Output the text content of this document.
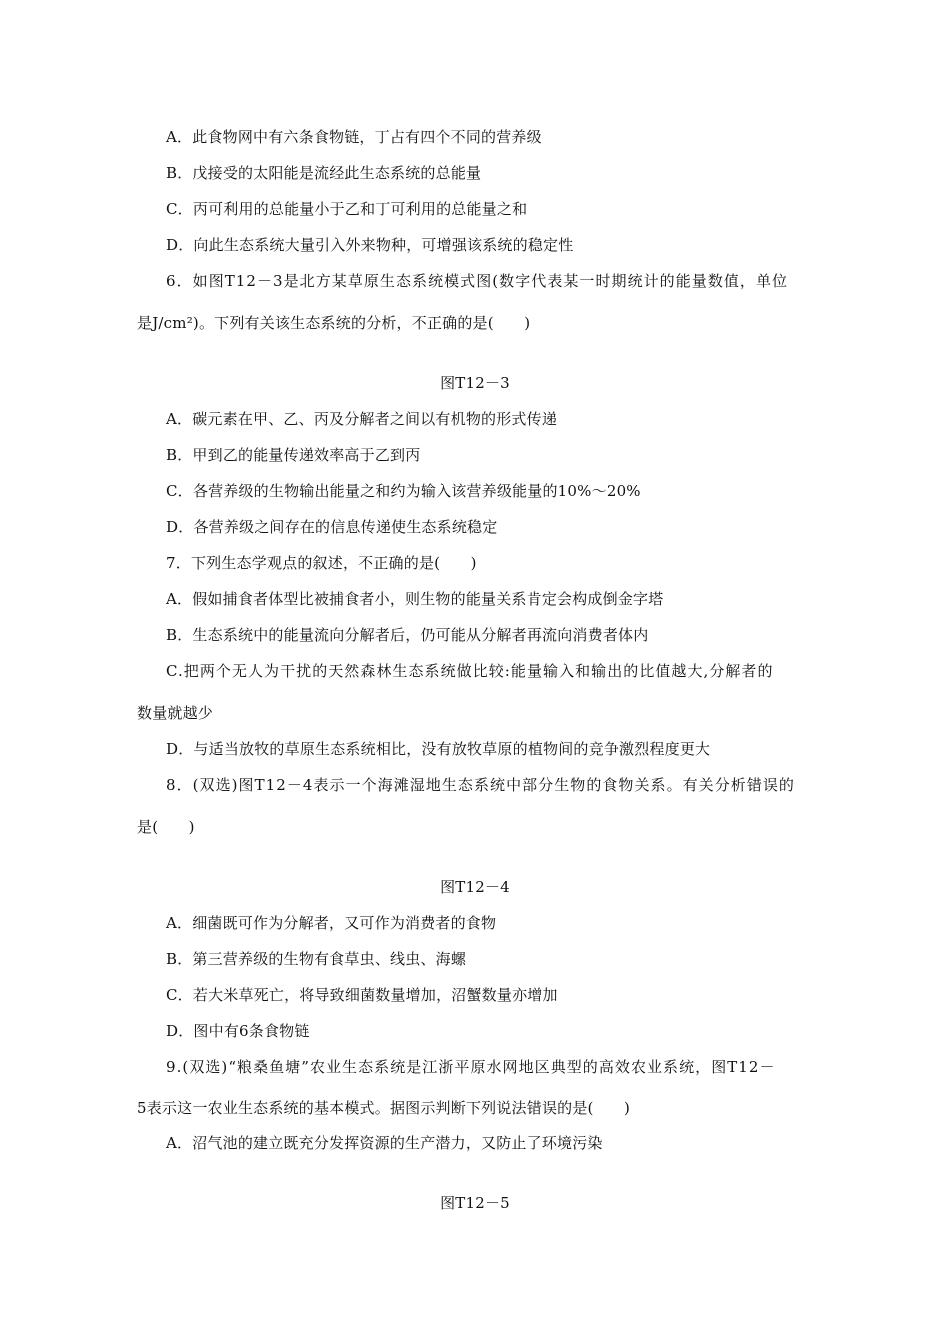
A．此食物网中有六条食物链，丁占有四个不同的营养级
B．戊接受的太阳能是流经此生态系统的总能量
C．丙可利用的总能量小于乙和丁可利用的总能量之和
D．向此生态系统大量引入外来物种，可增强该系统的稳定性
6．如图T12－3是北方某草原生态系统模式图(数字代表某一时期统计的能量数值，单位
是J/cm²)。下列有关该生态系统的分析，不正确的是(　　)
图T12－3
A．碳元素在甲、乙、丙及分解者之间以有机物的形式传递
B．甲到乙的能量传递效率高于乙到丙
C．各营养级的生物输出能量之和约为输入该营养级能量的10%～20%
D．各营养级之间存在的信息传递使生态系统稳定
7．下列生态学观点的叙述，不正确的是(　　)
A．假如捕食者体型比被捕食者小，则生物的能量关系肯定会构成倒金字塔
B．生态系统中的能量流向分解者后，仍可能从分解者再流向消费者体内
C.把两个无人为干扰的天然森林生态系统做比较:能量输入和输出的比值越大,分解者的
数量就越少
D．与适当放牧的草原生态系统相比，没有放牧草原的植物间的竞争激烈程度更大
8．(双选)图T12－4表示一个海滩湿地生态系统中部分生物的食物关系。有关分析错误的
是(　　)
图T12－4
A．细菌既可作为分解者，又可作为消费者的食物
B．第三营养级的生物有食草虫、线虫、海螺
C．若大米草死亡，将导致细菌数量增加，沼蟹数量亦增加
D．图中有6条食物链
9.(双选)“粮桑鱼塘”农业生态系统是江浙平原水网地区典型的高效农业系统，图T12－
5表示这一农业生态系统的基本模式。据图示判断下列说法错误的是(　　)
A．沼气池的建立既充分发挥资源的生产潜力，又防止了环境污染
图T12－5
